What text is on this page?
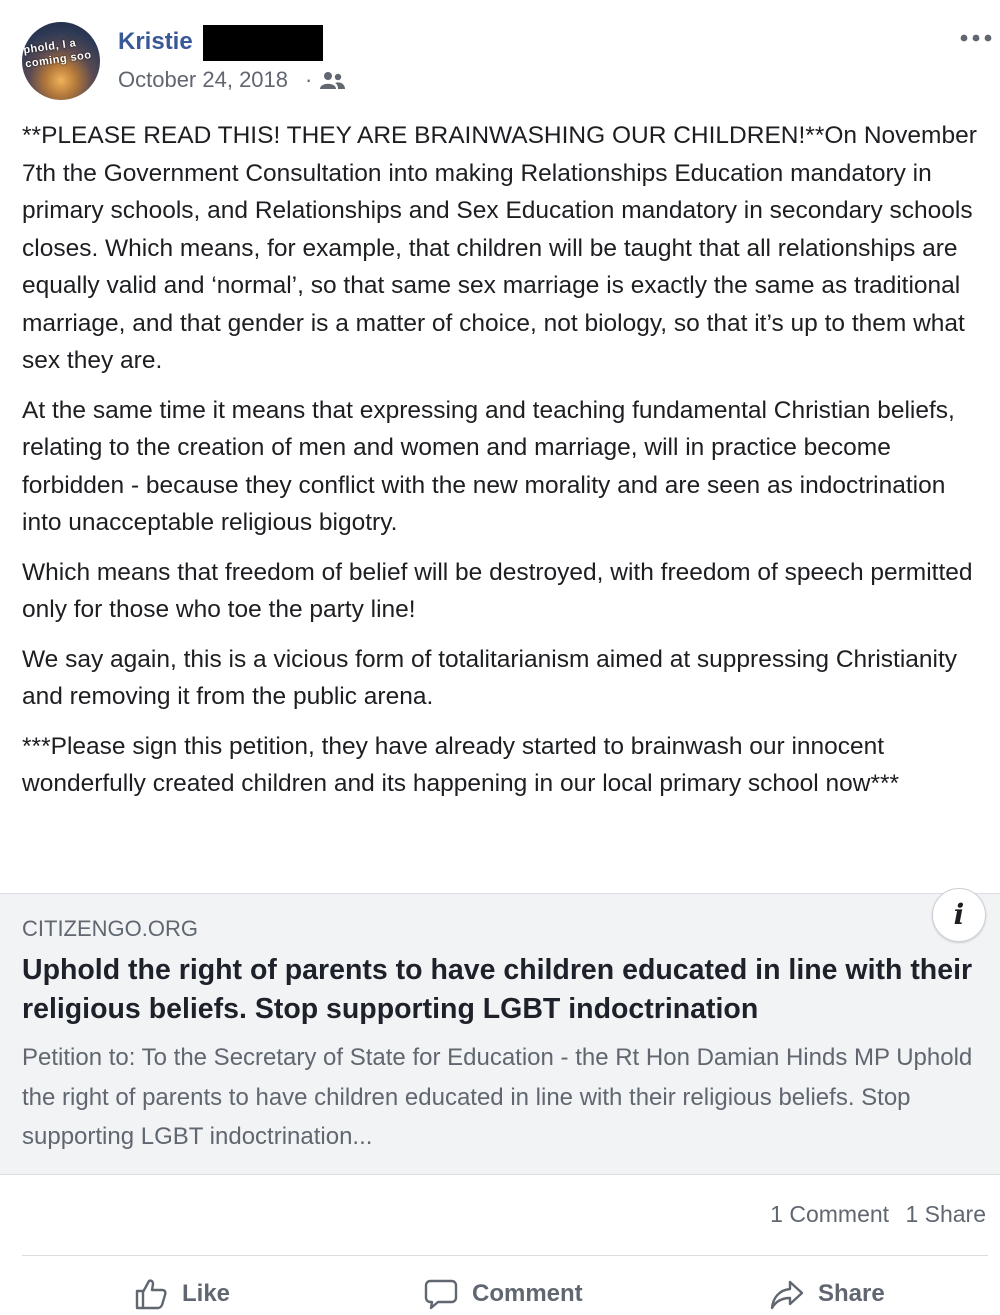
phold, I a
coming soo
Kristie
October 24, 2018 ·

**PLEASE READ THIS! THEY ARE BRAINWASHING OUR CHILDREN!**On November 7th the Government Consultation into making Relationships Education mandatory in primary schools, and Relationships and Sex Education mandatory in secondary schools closes. Which means, for example, that children will be taught that all relationships are equally valid and ‘normal’, so that same sex marriage is exactly the same as traditional marriage, and that gender is a matter of choice, not biology, so that it’s up to them what sex they are.

At the same time it means that expressing and teaching fundamental Christian beliefs, relating to the creation of men and women and marriage, will in practice become forbidden - because they conflict with the new morality and are seen as indoctrination into unacceptable religious bigotry.

Which means that freedom of belief will be destroyed, with freedom of speech permitted only for those who toe the party line!

We say again, this is a vicious form of totalitarianism aimed at suppressing Christianity and removing it from the public arena.

***Please sign this petition, they have already started to brainwash our innocent wonderfully created children and its happening in our local primary school now***

CITIZENGO.ORG
Uphold the right of parents to have children educated in line with their religious beliefs. Stop supporting LGBT indoctrination
Petition to: To the Secretary of State for Education - the Rt Hon Damian Hinds MP Uphold the right of parents to have children educated in line with their religious beliefs. Stop supporting LGBT indoctrination...
i
1 Comment 1 Share
Like	Comment	Share
